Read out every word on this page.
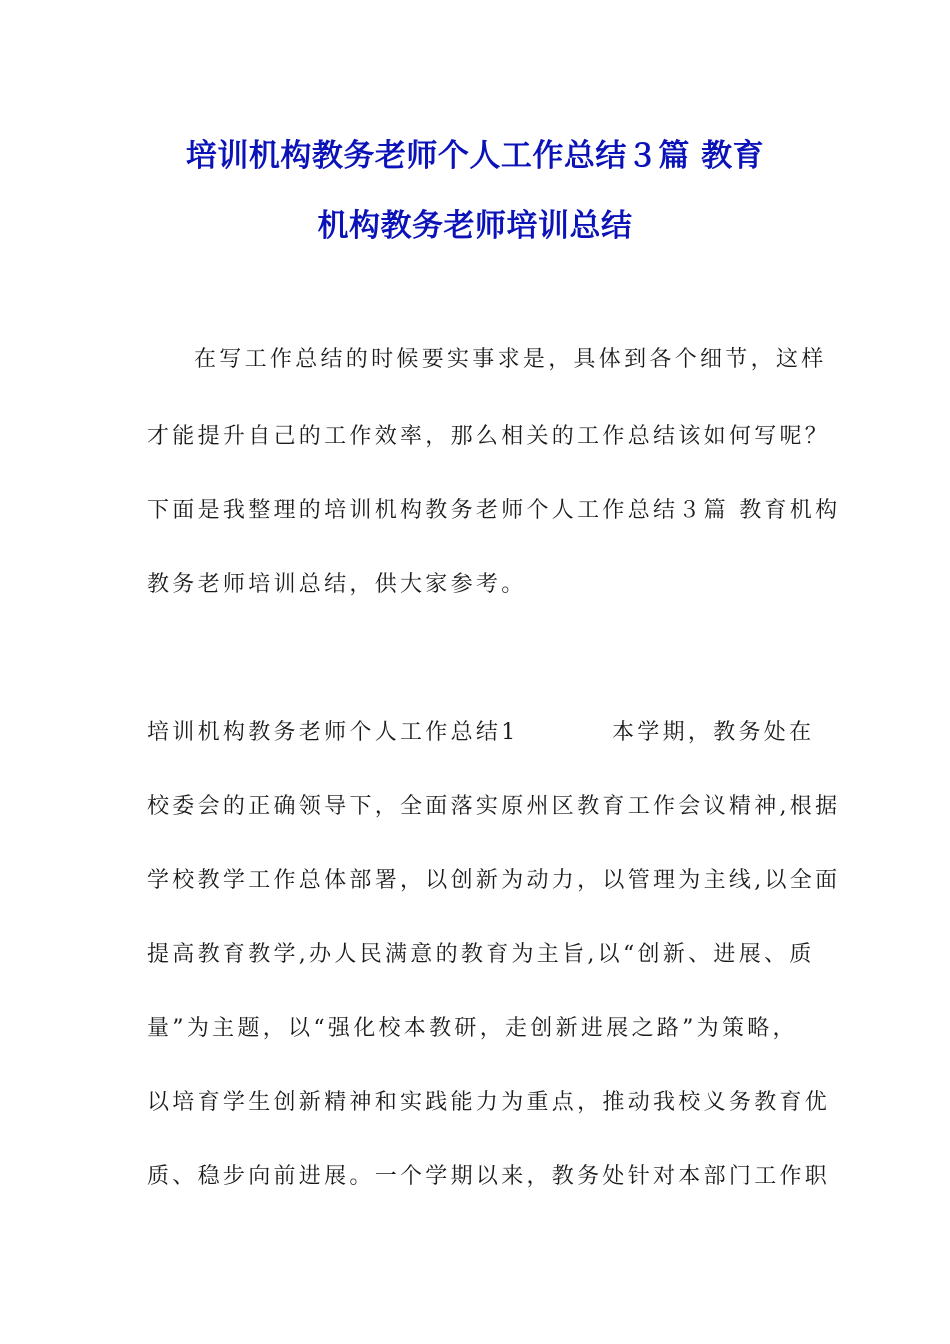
培训机构教务老师个人工作总结３篇 教育
机构教务老师培训总结
在写工作总结的时候要实事求是，具体到各个细节，这样
才能提升自己的工作效率，那么相关的工作总结该如何写呢？
下面是我整理的培训机构教务老师个人工作总结３篇 教育机构
教务老师培训总结，供大家参考。
培训机构教务老师个人工作总结1	本学期，教务处在
校委会的正确领导下，全面落实原州区教育工作会议精神,根据
学校教学工作总体部署，以创新为动力，以管理为主线,以全面
提高教育教学,办人民满意的教育为主旨,以“创新、进展、质
量”为主题，以“强化校本教研，走创新进展之路”为策略，
以培育学生创新精神和实践能力为重点，推动我校义务教育优
质、稳步向前进展。一个学期以来，教务处针对本部门工作职
